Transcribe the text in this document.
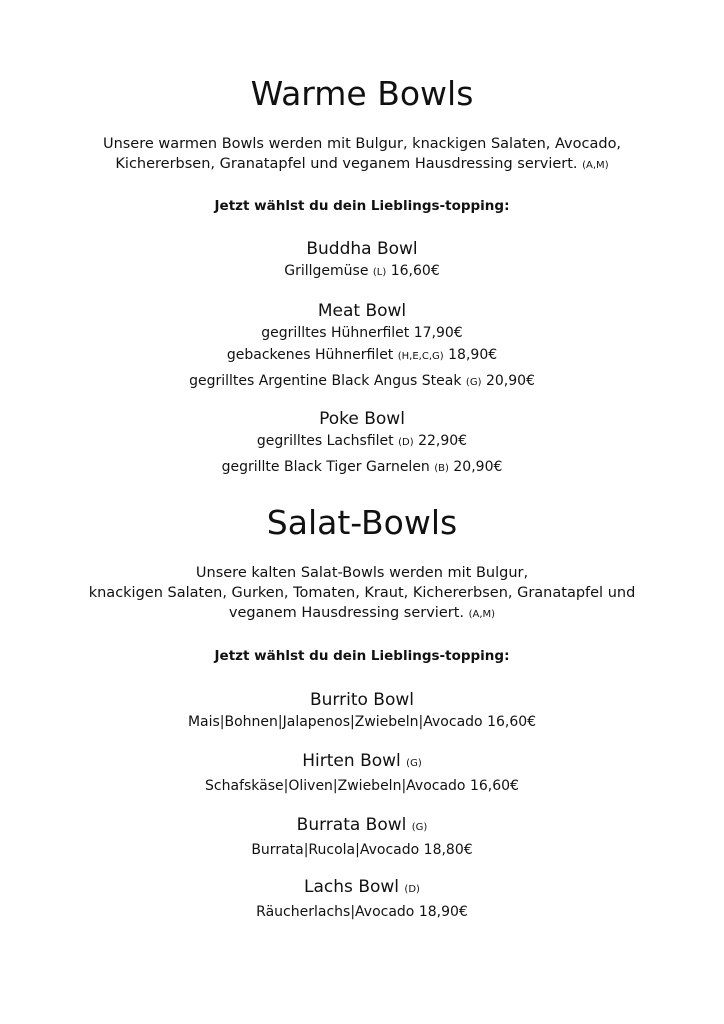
Warme Bowls

Unsere warmen Bowls werden mit Bulgur, knackigen Salaten, Avocado,

Kichererbsen, Granatapfel und veganem Hausdressing serviert. (A,M)

Jetzt wählst du dein Lieblings-topping:

Buddha Bowl

Grillgemüse (L) 16,60€

Meat Bowl

gegrilltes Hühnerfilet 17,90€

gebackenes Hühnerfilet (H,E,C,G) 18,90€

gegrilltes Argentine Black Angus Steak (G) 20,90€

Poke Bowl

gegrilltes Lachsfilet (D) 22,90€

gegrillte Black Tiger Garnelen (B) 20,90€

Salat-Bowls

Unsere kalten Salat-Bowls werden mit Bulgur,

knackigen Salaten, Gurken, Tomaten, Kraut, Kichererbsen, Granatapfel und

veganem Hausdressing serviert. (A,M)

Jetzt wählst du dein Lieblings-topping:

Burrito Bowl

Mais|Bohnen|Jalapenos|Zwiebeln|Avocado 16,60€

Hirten Bowl (G)

Schafskäse|Oliven|Zwiebeln|Avocado 16,60€

Burrata Bowl (G)

Burrata|Rucola|Avocado 18,80€

Lachs Bowl (D)

Räucherlachs|Avocado 18,90€
